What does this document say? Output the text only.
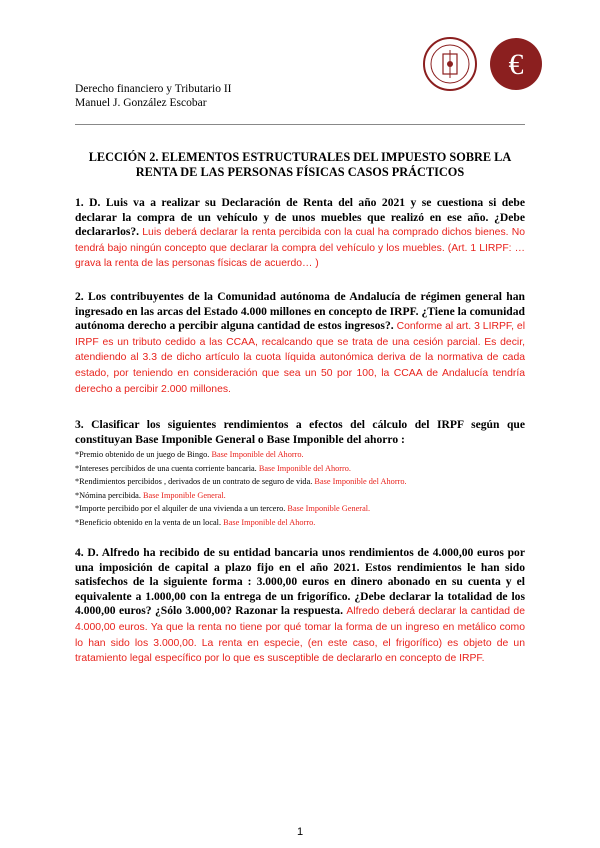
€
Derecho financiero y Tributario II
Manuel J. González Escobar
LECCIÓN 2. ELEMENTOS ESTRUCTURALES DEL IMPUESTO SOBRE LA
RENTA DE LAS PERSONAS FÍSICAS CASOS PRÁCTICOS
1. D. Luis va a realizar su Declaración de Renta del año 2021 y se cuestiona si debe declarar la compra de un vehículo y de unos muebles que realizó en ese año. ¿Debe declararlos?. Luis deberá declarar la renta percibida con la cual ha comprado dichos bienes. No tendrá bajo ningún concepto que declarar la compra del vehículo y los muebles. (Art. 1 LIRPF: …grava la renta de las personas físicas de acuerdo… )
2. Los contribuyentes de la Comunidad autónoma de Andalucía de régimen general han ingresado en las arcas del Estado 4.000 millones en concepto de IRPF. ¿Tiene la comunidad autónoma derecho a percibir alguna cantidad de estos ingresos?. Conforme al art. 3 LIRPF, el IRPF es un tributo cedido a las CCAA, recalcando que se trata de una cesión parcial. Es decir, atendiendo al 3.3 de dicho artículo la cuota líquida autonómica deriva de la normativa de cada estado, por teniendo en consideración que sea un 50 por 100, la CCAA de Andalucía tendría derecho a percibir 2.000 millones.
3. Clasificar los siguientes rendimientos a efectos del cálculo del IRPF según que constituyan Base Imponible General o Base Imponible del ahorro :
*Premio obtenido de un juego de Bingo. Base Imponible del Ahorro.
*Intereses percibidos de una cuenta corriente bancaria. Base Imponible del Ahorro.
*Rendimientos percibidos , derivados de un contrato de seguro de vida. Base Imponible del Ahorro.
*Nómina percibida. Base Imponible General.
*Importe percibido por el alquiler de una vivienda a un tercero. Base Imponible General.
*Beneficio obtenido en la venta de un local. Base Imponible del Ahorro.
4. D. Alfredo ha recibido de su entidad bancaria unos rendimientos de 4.000,00 euros por una imposición de capital a plazo fijo en el año 2021. Estos rendimientos le han sido satisfechos de la siguiente forma : 3.000,00 euros en dinero abonado en su cuenta y el equivalente a 1.000,00 con la entrega de un frigorífico. ¿Debe declarar la totalidad de los 4.000,00 euros? ¿Sólo 3.000,00? Razonar la respuesta. Alfredo deberá declarar la cantidad de 4.000,00 euros. Ya que la renta no tiene por qué tomar la forma de un ingreso en metálico como lo han sido los 3.000,00. La renta en especie, (en este caso, el frigorífico) es objeto de un tratamiento legal específico por lo que es susceptible de declararlo en concepto de IRPF.
1
